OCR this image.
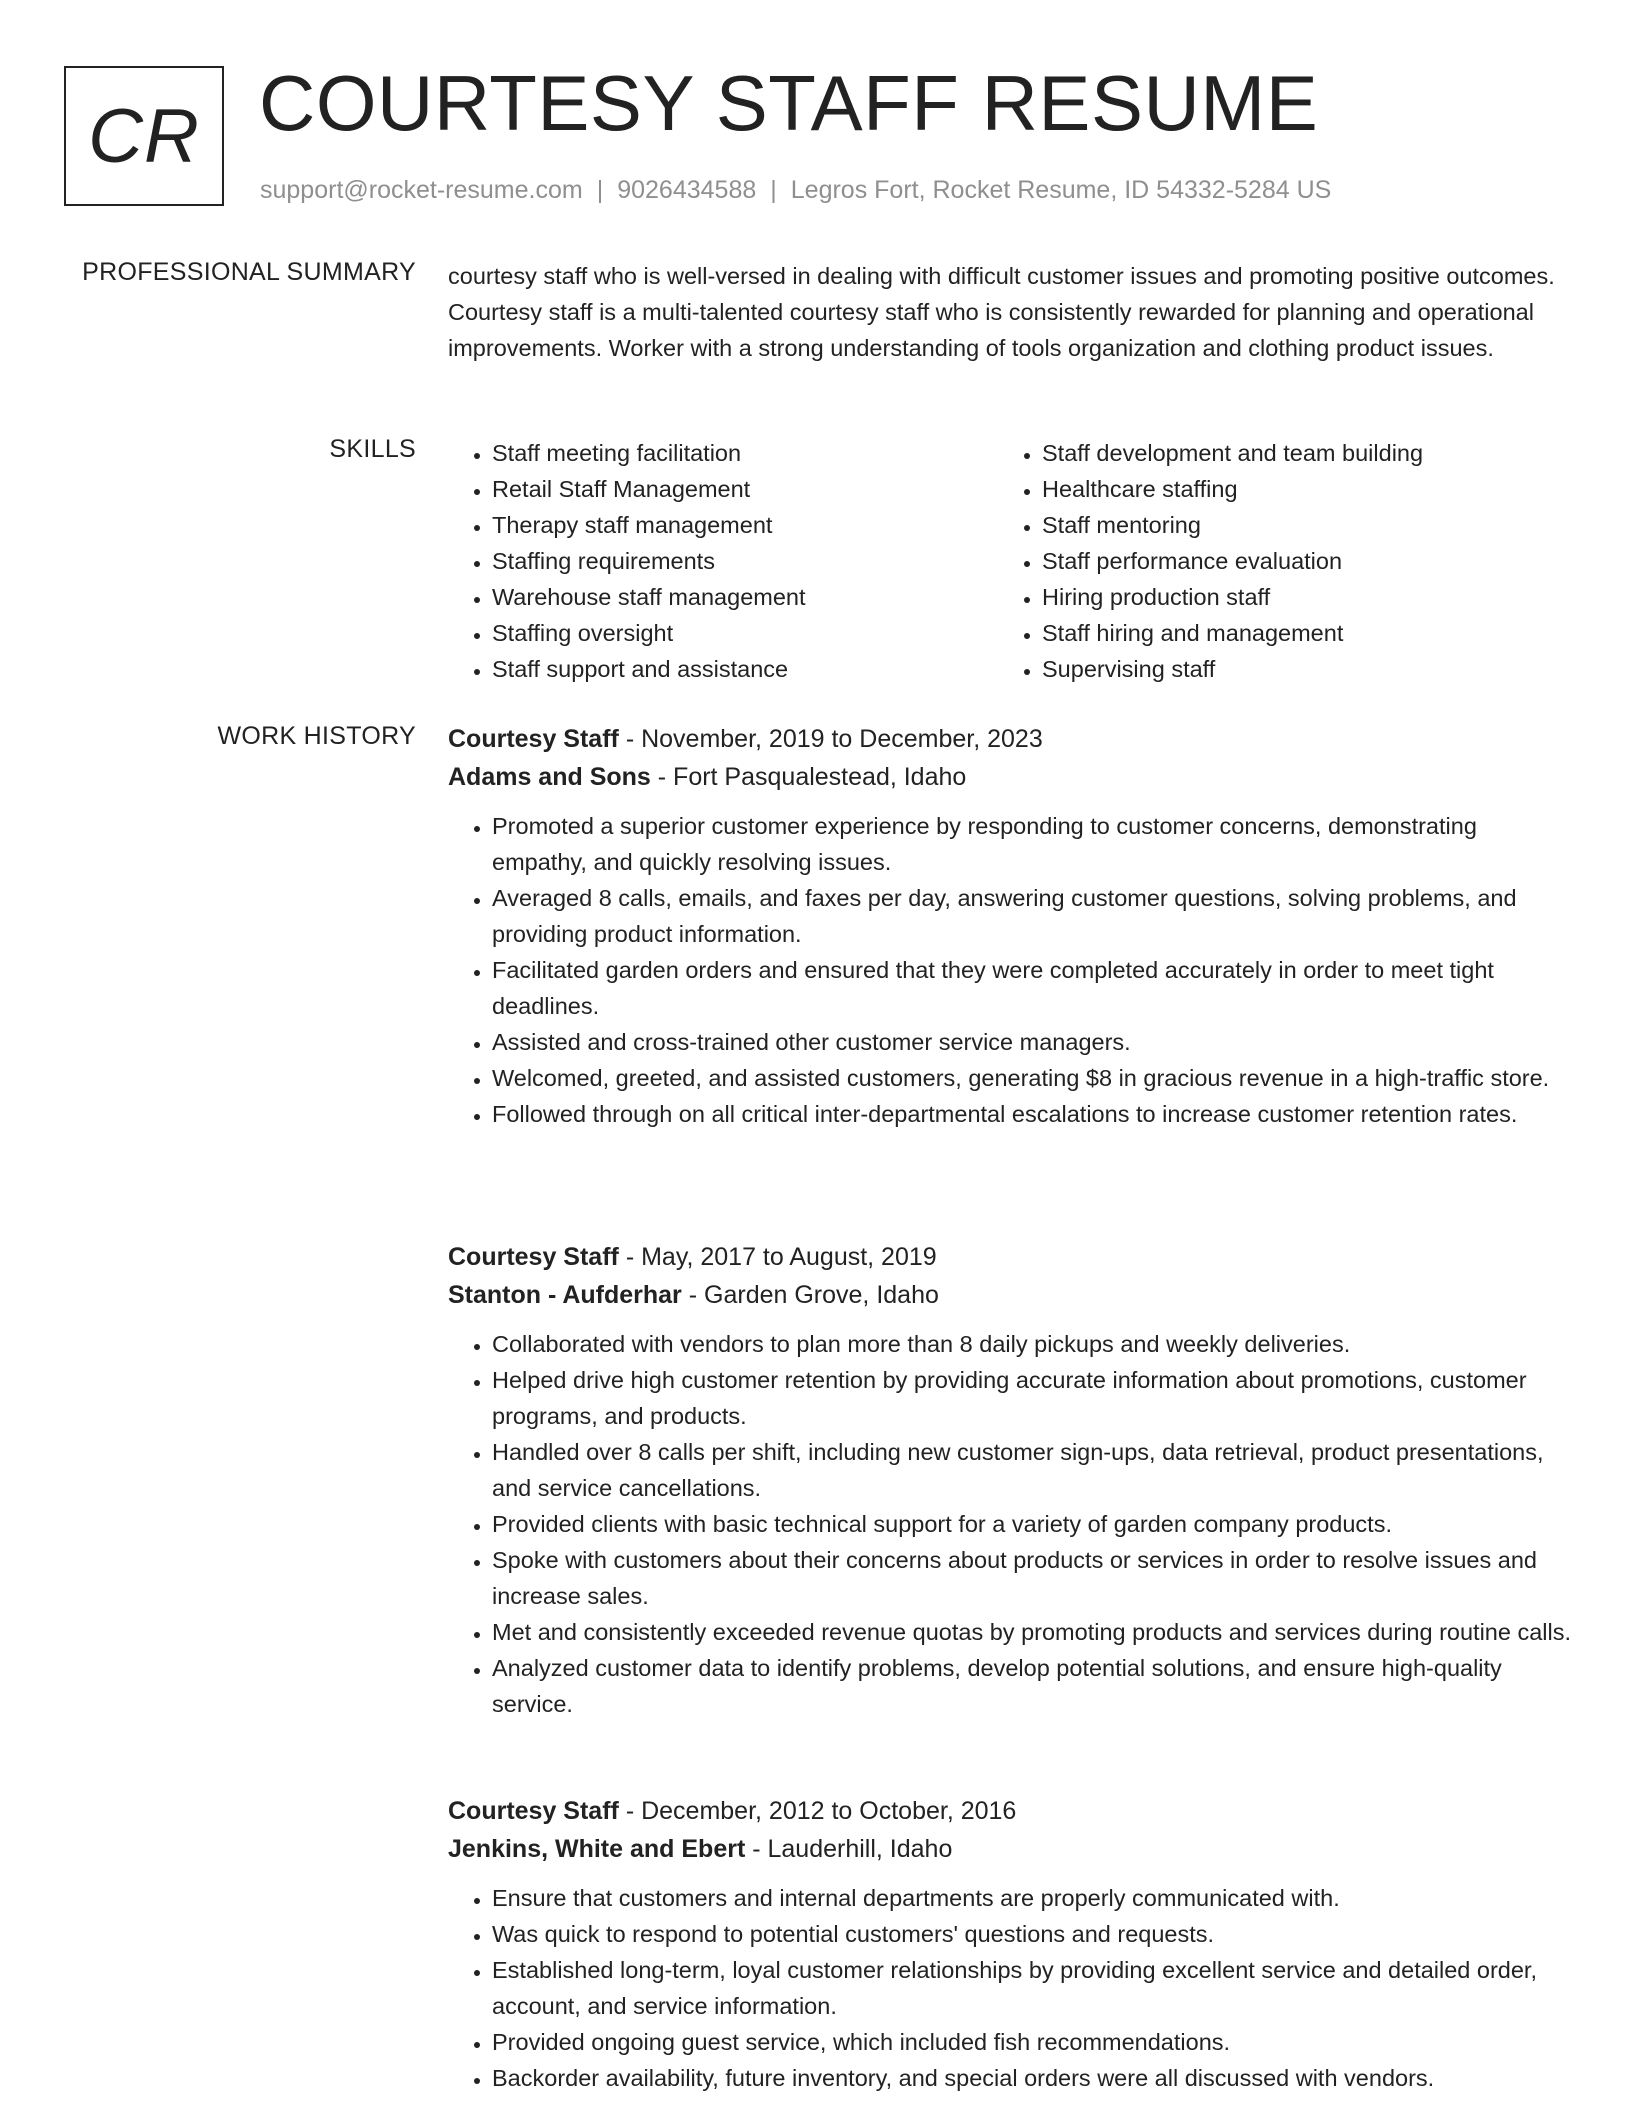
CR COURTESY STAFF RESUME
support@rocket-resume.com | 9026434588 | Legros Fort, Rocket Resume, ID 54332-5284 US
PROFESSIONAL SUMMARY courtesy staff who is well-versed in dealing with difficult customer issues and promoting positive outcomes. Courtesy staff is a multi-talented courtesy staff who is consistently rewarded for planning and operational improvements. Worker with a strong understanding of tools organization and clothing product issues.

SKILLS
•	Staff meeting facilitation
• Retail Staff Management
• Therapy staff management
• Staffing requirements
• Warehouse staff management
• Staffing oversight
• Staff support and assistance
• Staff development and team building
• Healthcare staffing
• Staff mentoring
• Staff performance evaluation
• Hiring production staff
• Staff hiring and management
• Supervising staff
WORK HISTORY Courtesy Staff - November, 2019 to December, 2023
Adams and Sons - Fort Pasqualestead, Idaho
• Promoted a superior customer experience by responding to customer concerns, demonstrating empathy, and quickly resolving issues.
• Averaged 8 calls, emails, and faxes per day, answering customer questions, solving problems, and providing product information.
• Facilitated garden orders and ensured that they were completed accurately in order to meet tight deadlines.
• Assisted and cross-trained other customer service managers.
• Welcomed, greeted, and assisted customers, generating $8 in gracious revenue in a high-traffic store.
• Followed through on all critical inter-departmental escalations to increase customer retention rates.
Courtesy Staff - May, 2017 to August, 2019
Stanton - Aufderhar - Garden Grove, Idaho
• Collaborated with vendors to plan more than 8 daily pickups and weekly deliveries.
• Helped drive high customer retention by providing accurate information about promotions, customer programs, and products.
• Handled over 8 calls per shift, including new customer sign-ups, data retrieval, product presentations, and service cancellations.
• Provided clients with basic technical support for a variety of garden company products.
• Spoke with customers about their concerns about products or services in order to resolve issues and increase sales.
• Met and consistently exceeded revenue quotas by promoting products and services during routine calls.
• Analyzed customer data to identify problems, develop potential solutions, and ensure high-quality service.
Courtesy Staff - December, 2012 to October, 2016
Jenkins, White and Ebert - Lauderhill, Idaho
• Ensure that customers and internal departments are properly communicated with.
• Was quick to respond to potential customers' questions and requests.
• Established long-term, loyal customer relationships by providing excellent service and detailed order, account, and service information.
• Provided ongoing guest service, which included fish recommendations.
• Backorder availability, future inventory, and special orders were all discussed with vendors.
